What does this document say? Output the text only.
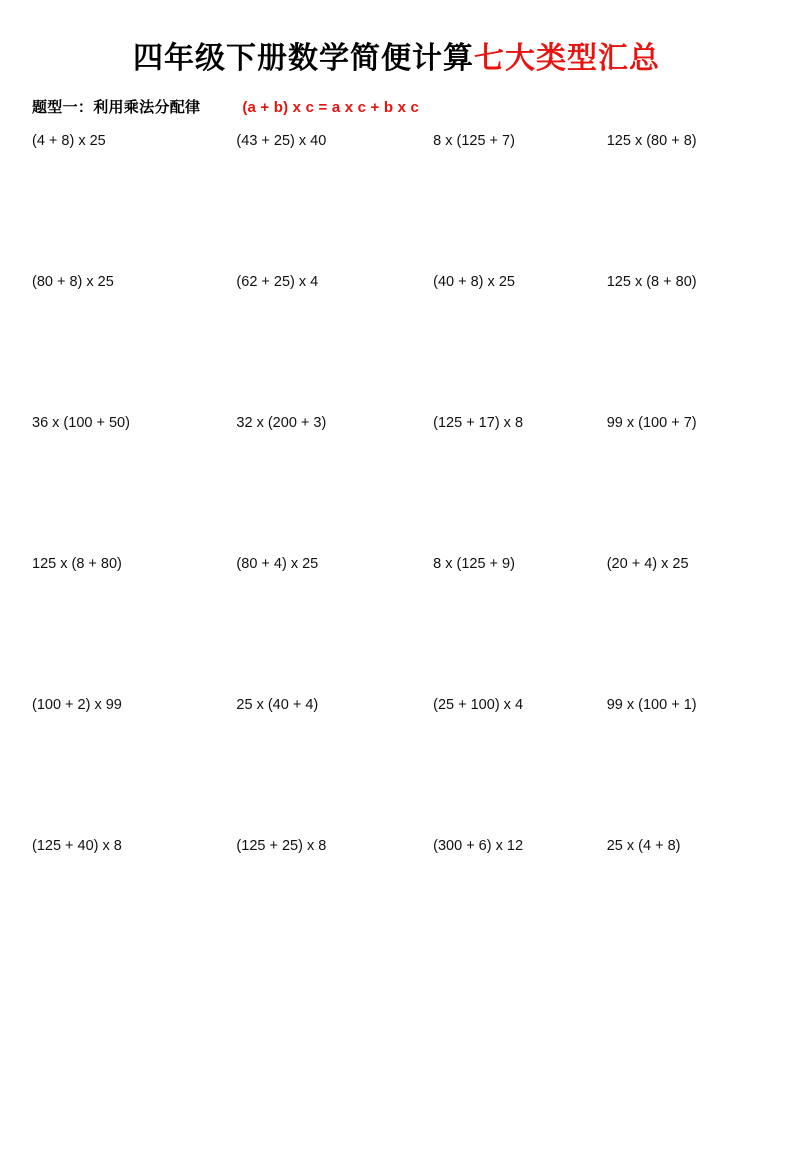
四年级下册数学简便计算七大类型汇总
题型一：利用乘法分配律	(a + b) x c = a x c + b x c
(4 + 8) x 25	(43 + 25) x 40	8 x (125 + 7)	125 x (80 + 8)
(80 + 8) x 25	(62 + 25) x 4	(40 + 8) x 25	125 x (8 + 80)
36 x (100 + 50)	32 x (200 + 3)	(125 + 17) x 8	99 x (100 + 7)
125 x (8 + 80)	(80 + 4) x 25	8 x (125 + 9)	(20 + 4) x 25
(100 + 2) x 99	25 x (40 + 4)	(25 + 100) x 4	99 x (100 + 1)
(125 + 40) x 8	(125 + 25) x 8	(300 + 6) x 12	25 x (4 + 8)
